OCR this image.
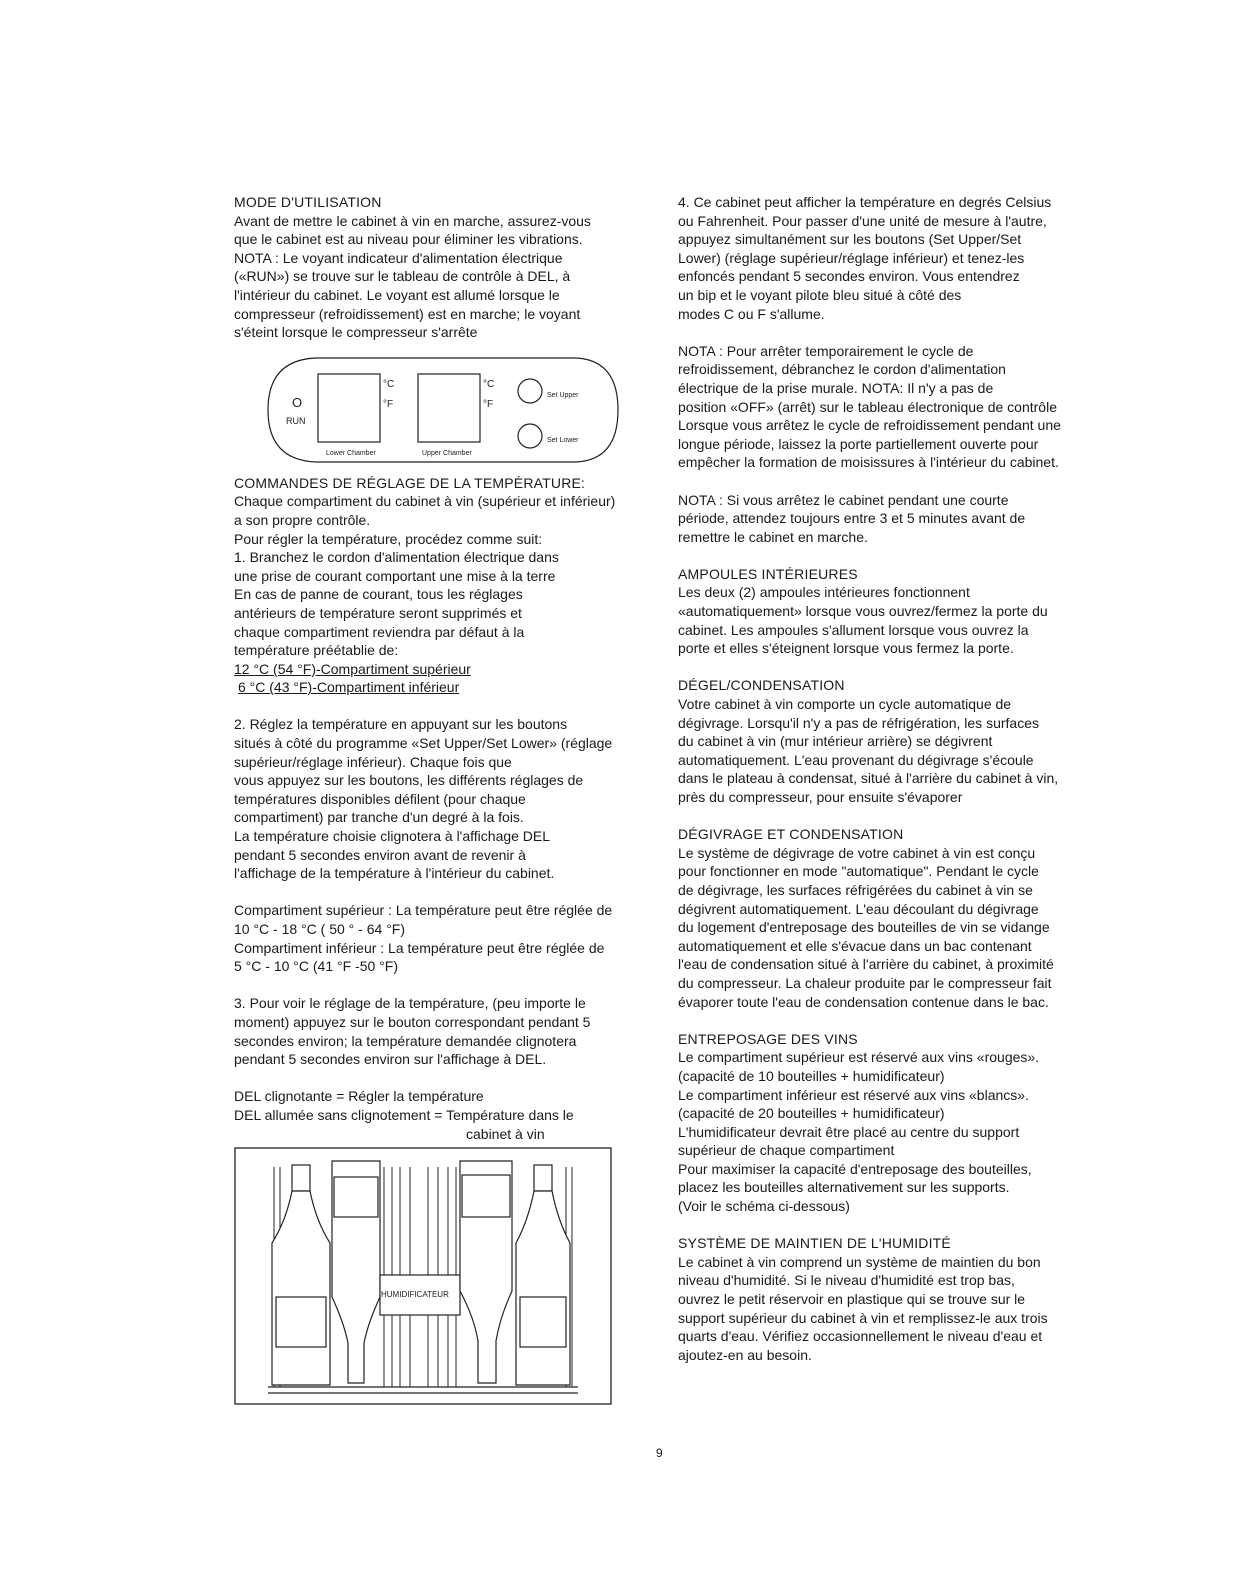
MODE D'UTILISATION
Avant de mettre le cabinet à vin en marche, assurez-vous
que le cabinet est au niveau pour éliminer les vibrations.
NOTA : Le voyant indicateur d'alimentation électrique
(«RUN») se trouve sur le tableau de contrôle à DEL, à
l'intérieur du cabinet. Le voyant est allumé lorsque le
compresseur (refroidissement) est en marche; le voyant
s'éteint lorsque le compresseur s'arrête
O
RUN
°C
°F
°C
°F
Lower Chamber	Upper Chamber
Set Upper
Set Lower
COMMANDES DE RÉGLAGE DE LA TEMPÉRATURE:
Chaque compartiment du cabinet à vin (supérieur et inférieur)
a son propre contrôle.
Pour régler la température, procédez comme suit:
1. Branchez le cordon d'alimentation électrique dans
une prise de courant comportant une mise à la terre
En cas de panne de courant, tous les réglages
antérieurs de température seront supprimés et
chaque compartiment reviendra par défaut à la
température préétablie de:
12 °C (54 °F)-Compartiment supérieur
6 °C (43 °F)-Compartiment inférieur
2. Réglez la température en appuyant sur les boutons
situés à côté du programme «Set Upper/Set Lower» (réglage
supérieur/réglage inférieur). Chaque fois que
vous appuyez sur les boutons, les différents réglages de
températures disponibles défilent (pour chaque
compartiment) par tranche d'un degré à la fois.
La température choisie clignotera à l'affichage DEL
pendant 5 secondes environ avant de revenir à
l'affichage de la température à l'intérieur du cabinet.
Compartiment supérieur : La température peut être réglée de
10 °C - 18 °C ( 50 ° - 64 °F)
Compartiment inférieur : La température peut être réglée de
5 °C - 10 °C (41 °F -50 °F)
3. Pour voir le réglage de la température, (peu importe le
moment) appuyez sur le bouton correspondant pendant 5
secondes environ; la température demandée clignotera
pendant 5 secondes environ sur l'affichage à DEL.
DEL clignotante = Régler la température
DEL allumée sans clignotement = Température dans le
cabinet à vin
HUMIDIFICATEUR
4. Ce cabinet peut afficher la température en degrés Celsius
ou Fahrenheit. Pour passer d'une unité de mesure à l'autre,
appuyez simultanément sur les boutons (Set Upper/Set
Lower) (réglage supérieur/réglage inférieur) et tenez-les
enfoncés pendant 5 secondes environ. Vous entendrez
un bip et le voyant pilote bleu situé à côté des
modes C ou F s'allume.
NOTA : Pour arrêter temporairement le cycle de
refroidissement, débranchez le cordon d'alimentation
électrique de la prise murale. NOTA: Il n'y a pas de
position «OFF» (arrêt) sur le tableau électronique de contrôle
Lorsque vous arrêtez le cycle de refroidissement pendant une
longue période, laissez la porte partiellement ouverte pour
empêcher la formation de moisissures à l'intérieur du cabinet.
NOTA : Si vous arrêtez le cabinet pendant une courte
période, attendez toujours entre 3 et 5 minutes avant de
remettre le cabinet en marche.
AMPOULES INTÉRIEURES
Les deux (2) ampoules intérieures fonctionnent
«automatiquement» lorsque vous ouvrez/fermez la porte du
cabinet. Les ampoules s'allument lorsque vous ouvrez la
porte et elles s'éteignent lorsque vous fermez la porte.
DÉGEL/CONDENSATION
Votre cabinet à vin comporte un cycle automatique de
dégivrage. Lorsqu'il n'y a pas de réfrigération, les surfaces
du cabinet à vin (mur intérieur arrière) se dégivrent
automatiquement. L'eau provenant du dégivrage s'écoule
dans le plateau à condensat, situé à l'arrière du cabinet à vin,
près du compresseur, pour ensuite s'évaporer
DÉGIVRAGE ET CONDENSATION
Le système de dégivrage de votre cabinet à vin est conçu
pour fonctionner en mode "automatique". Pendant le cycle
de dégivrage, les surfaces réfrigérées du cabinet à vin se
dégivrent automatiquement. L'eau découlant du dégivrage
du logement d'entreposage des bouteilles de vin se vidange
automatiquement et elle s'évacue dans un bac contenant
l'eau de condensation situé à l'arrière du cabinet, à proximité
du compresseur. La chaleur produite par le compresseur fait
évaporer toute l'eau de condensation contenue dans le bac.
ENTREPOSAGE DES VINS
Le compartiment supérieur est réservé aux vins «rouges».
(capacité de 10 bouteilles + humidificateur)
Le compartiment inférieur est réservé aux vins «blancs».
(capacité de 20 bouteilles + humidificateur)
L'humidificateur devrait être placé au centre du support
supérieur de chaque compartiment
Pour maximiser la capacité d'entreposage des bouteilles,
placez les bouteilles alternativement sur les supports.
(Voir le schéma ci-dessous)
SYSTÈME DE MAINTIEN DE L'HUMIDITÉ
Le cabinet à vin comprend un système de maintien du bon
niveau d'humidité. Si le niveau d'humidité est trop bas,
ouvrez le petit réservoir en plastique qui se trouve sur le
support supérieur du cabinet à vin et remplissez-le aux trois
quarts d'eau. Vérifiez occasionnellement le niveau d'eau et
ajoutez-en au besoin.
9
